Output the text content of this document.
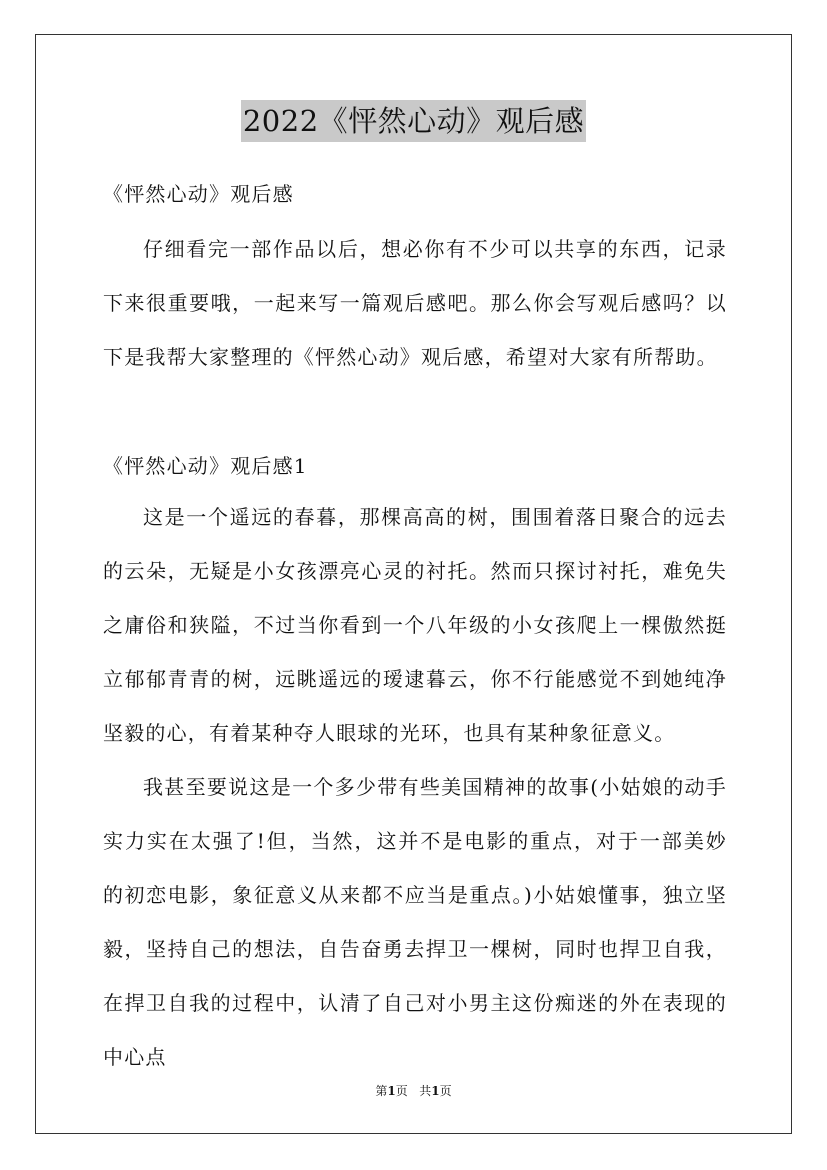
2022《怦然心动》观后感
《怦然心动》观后感

仔细看完一部作品以后，想必你有不少可以共享的东西，记录下来很重要哦，一起来写一篇观后感吧。那么你会写观后感吗？以下是我帮大家整理的《怦然心动》观后感，希望对大家有所帮助。

《怦然心动》观后感1

这是一个遥远的春暮，那棵高高的树，围围着落日聚合的远去的云朵，无疑是小女孩漂亮心灵的衬托。然而只探讨衬托，难免失之庸俗和狭隘，不过当你看到一个八年级的小女孩爬上一棵傲然挺立郁郁青青的树，远眺遥远的瑷逮暮云，你不行能感觉不到她纯净坚毅的心，有着某种夺人眼球的光环，也具有某种象征意义。

我甚至要说这是一个多少带有些美国精神的故事(小姑娘的动手实力实在太强了!但，当然，这并不是电影的重点，对于一部美妙的初恋电影，象征意义从来都不应当是重点。)小姑娘懂事，独立坚毅，坚持自己的想法，自告奋勇去捍卫一棵树，同时也捍卫自我，在捍卫自我的过程中，认清了自己对小男主这份痴迷的外在表现的中心点

第1页   共1页
